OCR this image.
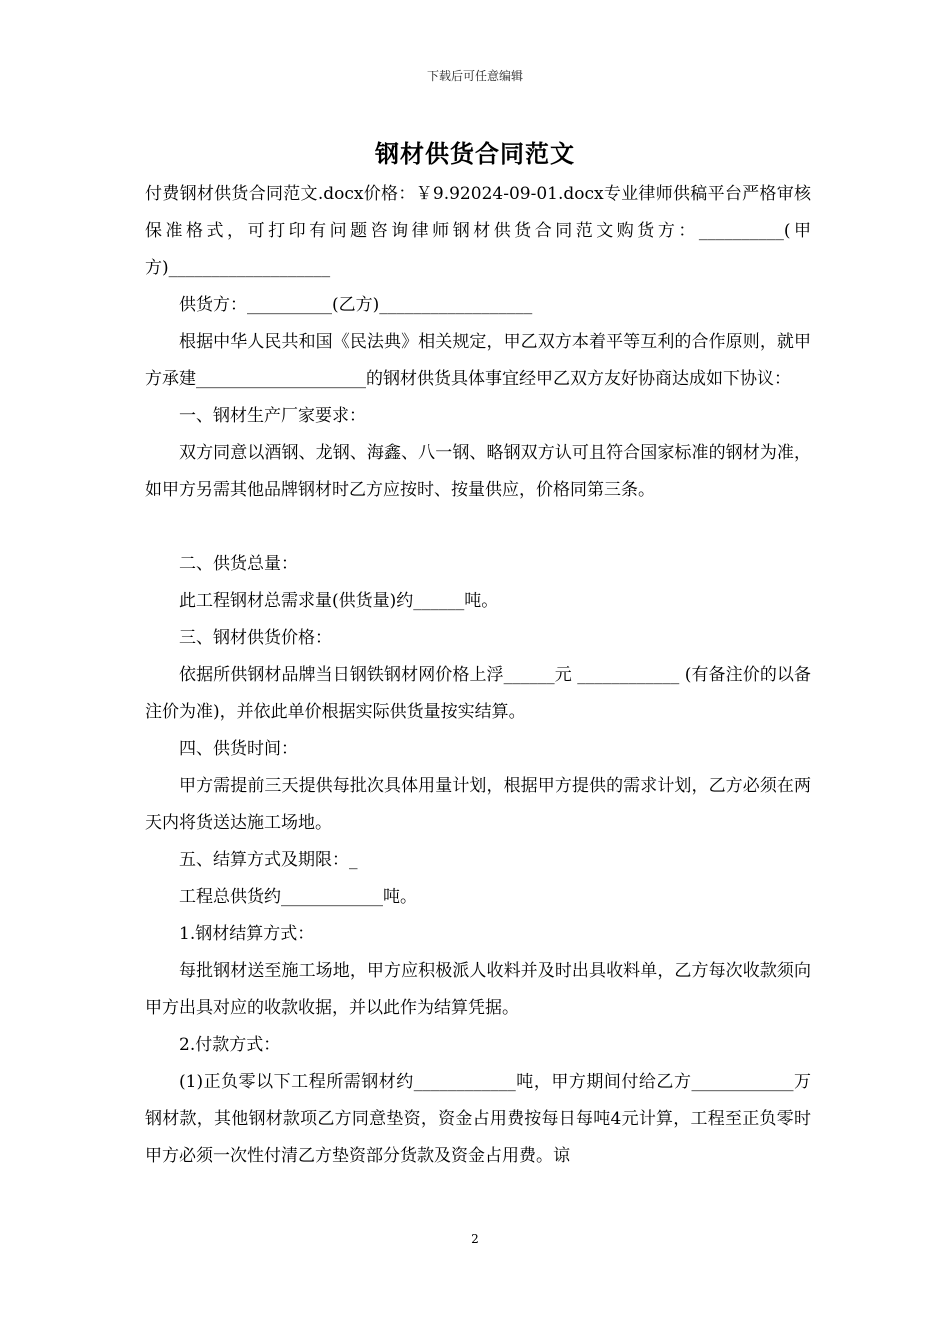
下载后可任意编辑
钢材供货合同范文

付费钢材供货合同范文.docx价格：￥9.92024-09-01.docx专业律师供稿平台严格审核保准格式，可打印有问题咨询律师钢材供货合同范文购货方：__________(甲方)___________________

供货方：__________(乙方)__________________

根据中华人民共和国《民法典》相关规定，甲乙双方本着平等互利的合作原则，就甲方承建____________________的钢材供货具体事宜经甲乙双方友好协商达成如下协议：

一、钢材生产厂家要求：

双方同意以酒钢、龙钢、海鑫、八一钢、略钢双方认可且符合国家标准的钢材为准，如甲方另需其他品牌钢材时乙方应按时、按量供应，价格同第三条。

二、供货总量：

此工程钢材总需求量(供货量)约______吨。

三、钢材供货价格：

依据所供钢材品牌当日钢铁钢材网价格上浮______元 ____________ (有备注价的以备注价为准)，并依此单价根据实际供货量按实结算。

四、供货时间：

甲方需提前三天提供每批次具体用量计划，根据甲方提供的需求计划，乙方必须在两天内将货送达施工场地。

五、结算方式及期限：_

工程总供货约____________吨。

1.钢材结算方式：

每批钢材送至施工场地，甲方应积极派人收料并及时出具收料单，乙方每次收款须向甲方出具对应的收款收据，并以此作为结算凭据。

2.付款方式：

(1)正负零以下工程所需钢材约____________吨，甲方期间付给乙方____________万钢材款，其他钢材款项乙方同意垫资，资金占用费按每日每吨4元计算，工程至正负零时甲方必须一次性付清乙方垫资部分货款及资金占用费。谅

2
